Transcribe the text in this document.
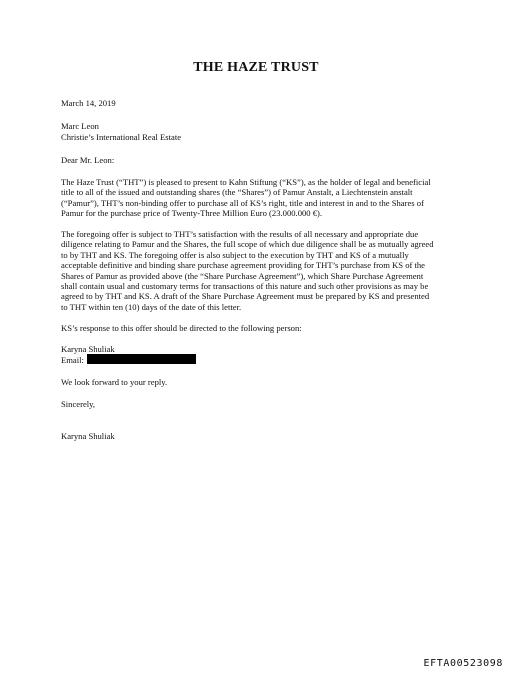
THE HAZE TRUST
March 14, 2019
Marc Leon
Christie’s International Real Estate
Dear Mr. Leon:
The Haze Trust (“THT”) is pleased to present to Kahn Stiftung (“KS”), as the holder of legal and beneficial
title to all of the issued and outstanding shares (the “Shares”) of Pamur Anstalt, a Liechtenstein anstalt
(“Pamur”), THT’s non-binding offer to purchase all of KS’s right, title and interest in and to the Shares of
Pamur for the purchase price of Twenty-Three Million Euro (23.000.000 €).
The foregoing offer is subject to THT’s satisfaction with the results of all necessary and appropriate due
diligence relating to Pamur and the Shares, the full scope of which due diligence shall be as mutually agreed
to by THT and KS. The foregoing offer is also subject to the execution by THT and KS of a mutually
acceptable definitive and binding share purchase agreement providing for THT’s purchase from KS of the
Shares of Pamur as provided above (the “Share Purchase Agreement”), which Share Purchase Agreement
shall contain usual and customary terms for transactions of this nature and such other provisions as may be
agreed to by THT and KS. A draft of the Share Purchase Agreement must be prepared by KS and presented
to THT within ten (10) days of the date of this letter.
KS’s response to this offer should be directed to the following person:
Karyna Shuliak
Email:
We look forward to your reply.
Sincerely,
Karyna Shuliak
EFTA00523098
